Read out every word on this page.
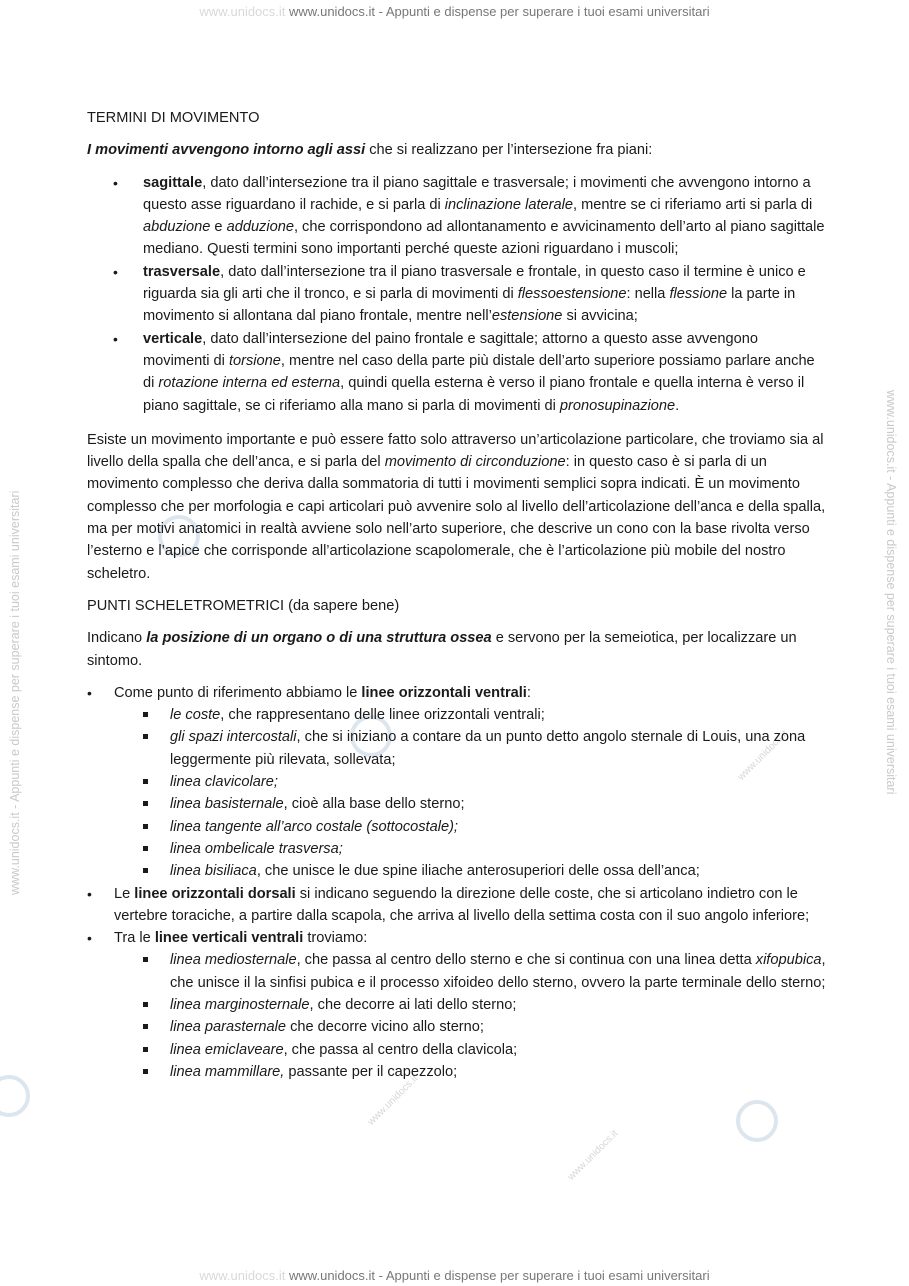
www.unidocs.it www.unidocs.it - Appunti e dispense per superare i tuoi esami universitari
www.unidocs.it www.unidocs.it - Appunti e dispense per superare i tuoi esami universitari
www.unidocs.it - Appunti e dispense per superare i tuoi esami universitari	www.unidocs.it - Appunti e dispense per superare i tuoi esami universitari
www.unidocs.it
www.unidocs.it
www.unidocs.it
TERMINI DI MOVIMENTO

I movimenti avvengono intorno agli assi che si realizzano per l’intersezione fra piani:

• sagittale, dato dall’intersezione tra il piano sagittale e trasversale; i movimenti che avvengono intorno a questo asse riguardano il rachide, e si parla di inclinazione laterale, mentre se ci riferiamo arti si parla di abduzione e adduzione, che corrispondono ad allontanamento e avvicinamento dell’arto al piano sagittale mediano. Questi termini sono importanti perché queste azioni riguardano i muscoli;
• trasversale, dato dall’intersezione tra il piano trasversale e frontale, in questo caso il termine è unico e riguarda sia gli arti che il tronco, e si parla di movimenti di flessoestensione: nella flessione la parte in movimento si allontana dal piano frontale, mentre nell’estensione si avvicina;
• verticale, dato dall’intersezione del paino frontale e sagittale; attorno a questo asse avvengono movimenti di torsione, mentre nel caso della parte più distale dell’arto superiore possiamo parlare anche di rotazione interna ed esterna, quindi quella esterna è verso il piano frontale e quella interna è verso il piano sagittale, se ci riferiamo alla mano si parla di movimenti di pronosupinazione.

Esiste un movimento importante e può essere fatto solo attraverso un’articolazione particolare, che troviamo sia al livello della spalla che dell’anca, e si parla del movimento di circonduzione: in questo caso è si parla di un movimento complesso che deriva dalla sommatoria di tutti i movimenti semplici sopra indicati. È un movimento complesso che per morfologia e capi articolari può avvenire solo al livello dell’articolazione dell’anca e della spalla, ma per motivi anatomici in realtà avviene solo nell’arto superiore, che descrive un cono con la base rivolta verso l’esterno e l’apice che corrisponde all’articolazione scapolomerale, che è l’articolazione più mobile del nostro scheletro.

PUNTI SCHELETROMETRICI (da sapere bene)

Indicano la posizione di un organo o di una struttura ossea e servono per la semeiotica, per localizzare un sintomo.

• Come punto di riferimento abbiamo le linee orizzontali ventrali:
le coste, che rappresentano delle linee orizzontali ventrali;
gli spazi intercostali, che si iniziano a contare da un punto detto angolo sternale di Louis, una zona leggermente più rilevata, sollevata;
linea clavicolare;
linea basisternale, cioè alla base dello sterno;
linea tangente all’arco costale (sottocostale);
linea ombelicale trasversa;
linea bisiliaca, che unisce le due spine iliache anterosuperiori delle ossa dell’anca;
• Le linee orizzontali dorsali si indicano seguendo la direzione delle coste, che si articolano indietro con le vertebre toraciche, a partire dalla scapola, che arriva al livello della settima costa con il suo angolo inferiore;
• Tra le linee verticali ventrali troviamo:
linea mediosternale, che passa al centro dello sterno e che si continua con una linea detta xifopubica, che unisce il la sinfisi pubica e il processo xifoideo dello sterno, ovvero la parte terminale dello sterno;
linea marginosternale, che decorre ai lati dello sterno;
linea parasternale che decorre vicino allo sterno;
linea emiclaveare, che passa al centro della clavicola;
linea mammillare, passante per il capezzolo;
